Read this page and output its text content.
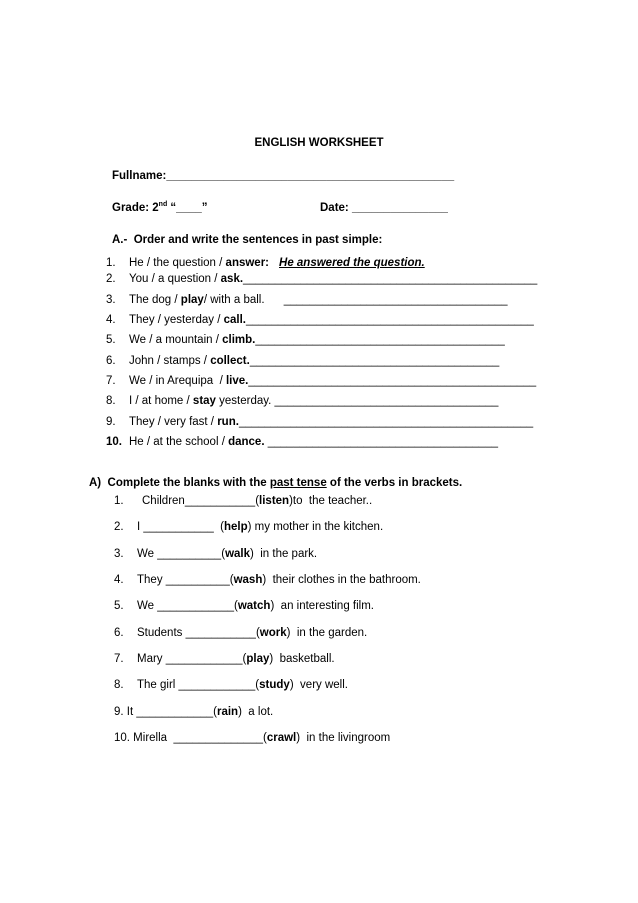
ENGLISH WORKSHEET
Fullname:_____________________________________________
Grade: 2nd “____”	Date: _______________
A.-  Order and write the sentences in past simple:
1. He / the question / answer: He answered the question.
2. You / a question / ask.______________________________________________
3. The dog / play/ with a ball.      ___________________________________
4. They / yesterday / call._____________________________________________
5. We / a mountain / climb._______________________________________
6. John / stamps / collect._______________________________________
7. We / in Arequipa  / live._____________________________________________
8. I / at home / stay yesterday. ___________________________________
9. They / very fast / run.______________________________________________
10. He / at the school / dance. ____________________________________
A)  Complete the blanks with the past tense of the verbs in brackets.
1. Children___________(listen)to  the teacher..
2. I ___________  (help) my mother in the kitchen.
3. We __________(walk)  in the park.
4. They __________(wash)  their clothes in the bathroom.
5. We ____________(watch)  an interesting film.
6. Students ___________(work)  in the garden.
7. Mary ____________(play)  basketball.
8. The girl ____________(study)  very well.
9. It ____________(rain)  a lot.
10. Mirella ______________(crawl)  in the livingroom
